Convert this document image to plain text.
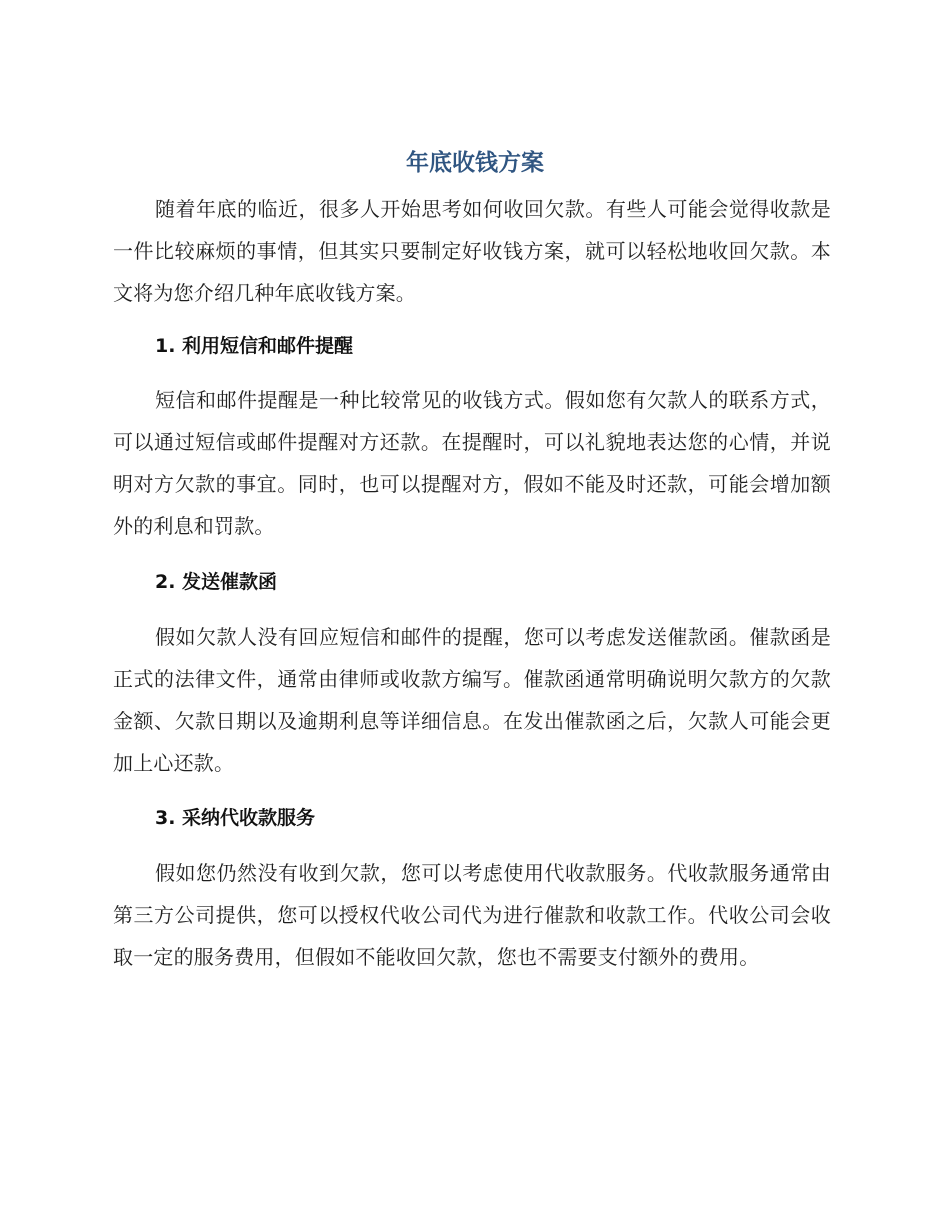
年底收钱方案

随着年底的临近，很多人开始思考如何收回欠款。有些人可能会觉得收款是一件比较麻烦的事情，但其实只要制定好收钱方案，就可以轻松地收回欠款。本文将为您介绍几种年底收钱方案。

1. 利用短信和邮件提醒

短信和邮件提醒是一种比较常见的收钱方式。假如您有欠款人的联系方式，可以通过短信或邮件提醒对方还款。在提醒时，可以礼貌地表达您的心情，并说明对方欠款的事宜。同时，也可以提醒对方，假如不能及时还款，可能会增加额外的利息和罚款。

2. 发送催款函

假如欠款人没有回应短信和邮件的提醒，您可以考虑发送催款函。催款函是正式的法律文件，通常由律师或收款方编写。催款函通常明确说明欠款方的欠款金额、欠款日期以及逾期利息等详细信息。在发出催款函之后，欠款人可能会更加上心还款。

3. 采纳代收款服务

假如您仍然没有收到欠款，您可以考虑使用代收款服务。代收款服务通常由第三方公司提供，您可以授权代收公司代为进行催款和收款工作。代收公司会收取一定的服务费用，但假如不能收回欠款，您也不需要支付额外的费用。
